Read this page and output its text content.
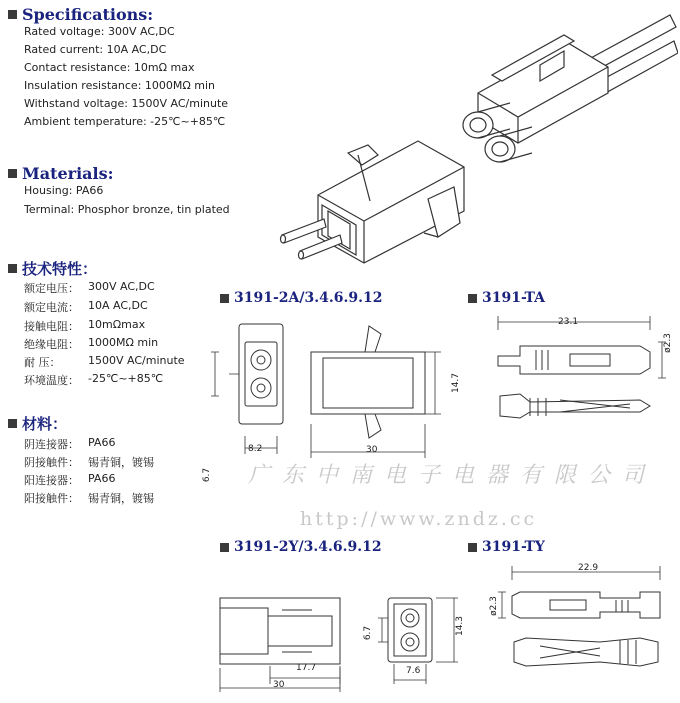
Specifications:
Rated voltage: 300V AC,DC
Rated current: 10A AC,DC
Contact resistance: 10mΩ max
Insulation resistance: 1000MΩ min
Withstand voltage: 1500V AC/minute
Ambient temperature: -25℃~+85℃
Materials:
Housing: PA66
Terminal: Phosphor bronze, tin plated
技术特性：
额定电压： 300V AC,DC
额定电流： 10A AC,DC
接触电阻： 10mΩmax
绝缘电阻： 1000MΩ min
耐 压：	1500V AC/minute
环境温度： -25℃~+85℃
材料：
阴连接器： PA66
阴接触件： 锡青铜，镀锡
阳连接器： PA66
阳接触件： 锡青铜，镀锡
3191-2A/3.4.6.9.12	3191-TA
3191-2Y/3.4.6.9.12	3191-TY
8.2
6.7
30
14.7
23.1
ø2.3
17.7
30
14.3
6.7
7.6
22.9
ø2.3
广东中南电子电器有限公司
http://www.zndz.cc
